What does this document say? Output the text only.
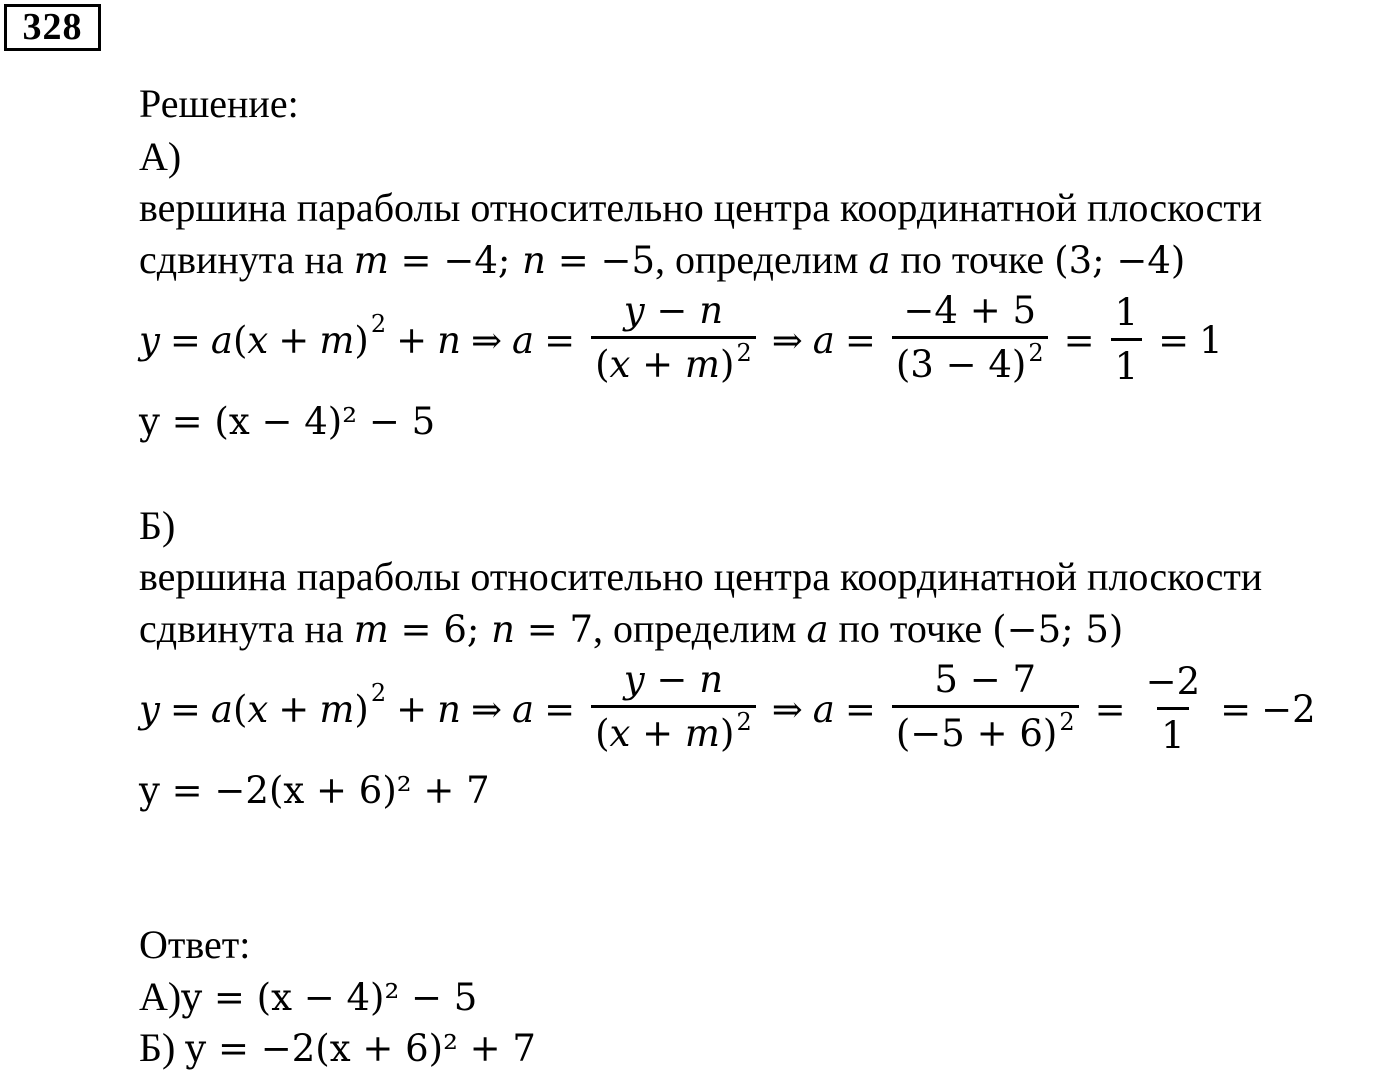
328
Решение:
А)
вершина параболы относительно центра координатной плоскости
сдвинута на m = −4; n = −5, определим a по точке (3; −4)
y = a ( x + m )$^2$ + n ⇒ $a = \frac{y - n}{(x + m)^2}$ ⇒ $a = \frac{-4 + 5}{(3 - 4)^2} = \frac{1}{1} = 1$
y = (x − 4)² − 5
Б)
вершина параболы относительно центра координатной плоскости
сдвинута на m = 6; n = 7, определим a по точке (−5; 5)
y = a ( x + m )$^2$ + n ⇒ $a = \frac{y - n}{(x + m)^2}$ ⇒ $a = \frac{5 - 7}{(-5 + 6)^2} = \frac{-2}{1} = -2$
y = −2(x + 6)² + 7
Ответ:
А)y = (x − 4)² − 5
Б) y = −2(x + 6)² + 7
